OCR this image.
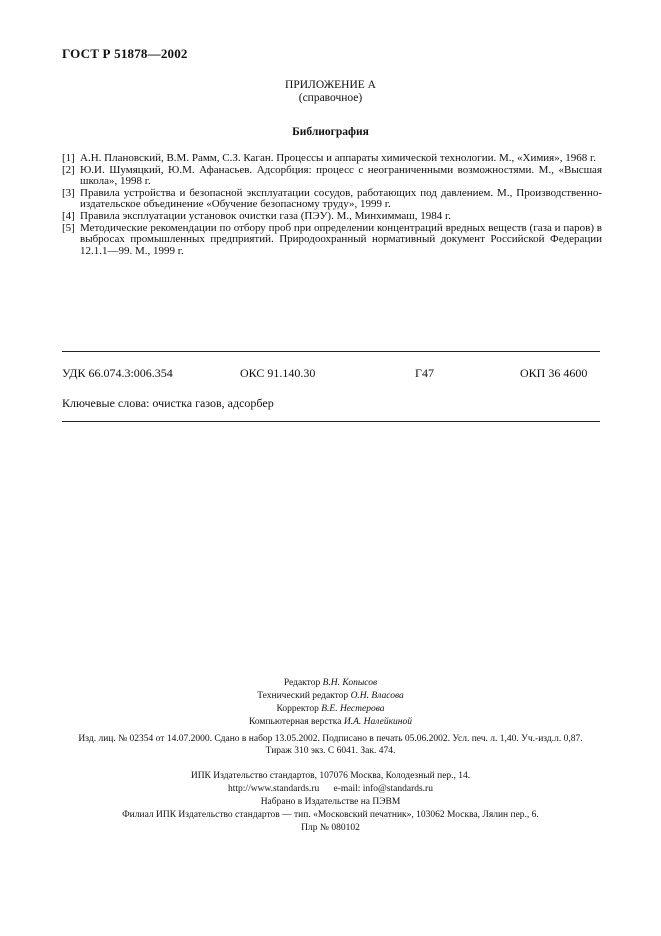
ГОСТ Р 51878—2002
ПРИЛОЖЕНИЕ А
(справочное)
Библиография
[1] А.Н. Плановский, В.М. Рамм, С.З. Каган. Процессы и аппараты химической технологии. М., «Химия», 1968 г.
[2] Ю.И. Шумяцкий, Ю.М. Афанасьев. Адсорбция: процесс с неограниченными возможностями. М., «Высшая школа», 1998 г.
[3] Правила устройства и безопасной эксплуатации сосудов, работающих под давлением. М., Производственно-издательское объединение «Обучение безопасному труду», 1999 г.
[4] Правила эксплуатации установок очистки газа (ПЭУ). М., Минхиммаш, 1984 г.
[5] Методические рекомендации по отбору проб при определении концентраций вредных веществ (газа и паров) в выбросах промышленных предприятий. Природоохранный нормативный документ Российской Федерации 12.1.1—99. М., 1999 г.
УДК 66.074.3:006.354	ОКС 91.140.30	Г47	ОКП 36 4600
Ключевые слова: очистка газов, адсорбер
Редактор В.Н. Копысов
Технический редактор О.Н. Власова
Корректор В.Е. Нестерова
Компьютерная верстка И.А. Налейкиной
Изд. лиц. № 02354 от 14.07.2000. Сдано в набор 13.05.2002. Подписано в печать 05.06.2002. Усл. печ. л. 1,40. Уч.-изд.л. 0,87.
Тираж 310 экз. С 6041. Зак. 474.
ИПК Издательство стандартов, 107076 Москва, Колодезный пер., 14.
http://www.standards.ru      e-mail: info@standards.ru
Набрано в Издательстве на ПЭВМ
Филиал ИПК Издательство стандартов — тип. «Московский печатник», 103062 Москва, Лялин пер., 6.
Плр № 080102
